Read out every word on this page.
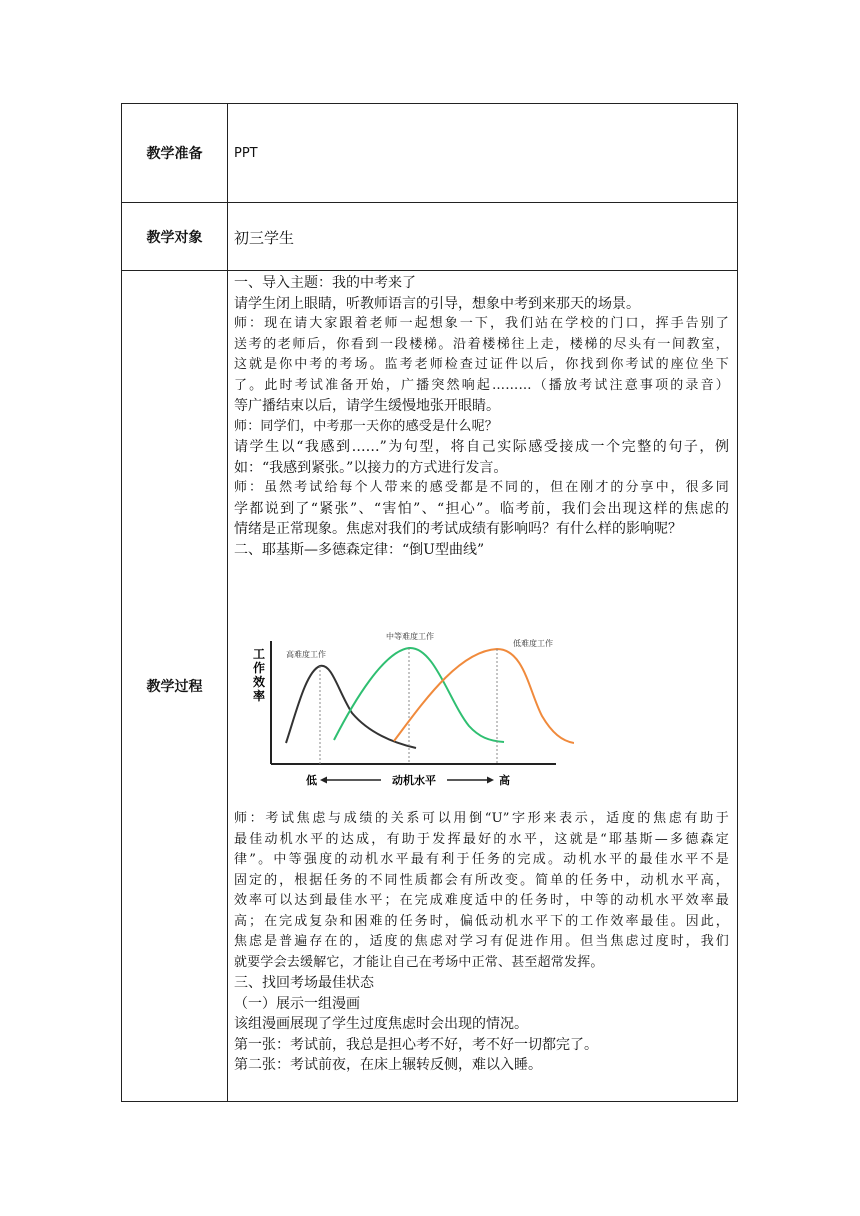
教学准备	PPT
教学对象	初三学生
教学过程
一、导入主题：我的中考来了
请学生闭上眼睛，听教师语言的引导，想象中考到来那天的场景。
师：现在请大家跟着老师一起想象一下，我们站在学校的门口，挥手告别了
送考的老师后，你看到一段楼梯。沿着楼梯往上走，楼梯的尽头有一间教室，
这就是你中考的考场。监考老师检查过证件以后，你找到你考试的座位坐下
了。此时考试准备开始，广播突然响起………（播放考试注意事项的录音）
等广播结束以后，请学生缓慢地张开眼睛。
师：同学们，中考那一天你的感受是什么呢？
请学生以“我感到……”为句型，将自己实际感受接成一个完整的句子，例
如：“我感到紧张。”以接力的方式进行发言。
师：虽然考试给每个人带来的感受都是不同的，但在刚才的分享中，很多同
学都说到了“紧张”、“害怕”、“担心”。临考前，我们会出现这样的焦虑的
情绪是正常现象。焦虑对我们的考试成绩有影响吗？有什么样的影响呢？
二、耶基斯—多德森定律：“倒U型曲线”
工
作
效
率
高难度工作
中等难度工作
低难度工作
低	动机水平	高
师：考试焦虑与成绩的关系可以用倒“U”字形来表示，适度的焦虑有助于
最佳动机水平的达成，有助于发挥最好的水平，这就是“耶基斯—多德森定
律”。中等强度的动机水平最有利于任务的完成。动机水平的最佳水平不是
固定的，根据任务的不同性质都会有所改变。简单的任务中，动机水平高，
效率可以达到最佳水平；在完成难度适中的任务时，中等的动机水平效率最
高；在完成复杂和困难的任务时，偏低动机水平下的工作效率最佳。因此，
焦虑是普遍存在的，适度的焦虑对学习有促进作用。但当焦虑过度时，我们
就要学会去缓解它，才能让自己在考场中正常、甚至超常发挥。
三、找回考场最佳状态
（一）展示一组漫画
该组漫画展现了学生过度焦虑时会出现的情况。
第一张：考试前，我总是担心考不好，考不好一切都完了。
第二张：考试前夜，在床上辗转反侧，难以入睡。
